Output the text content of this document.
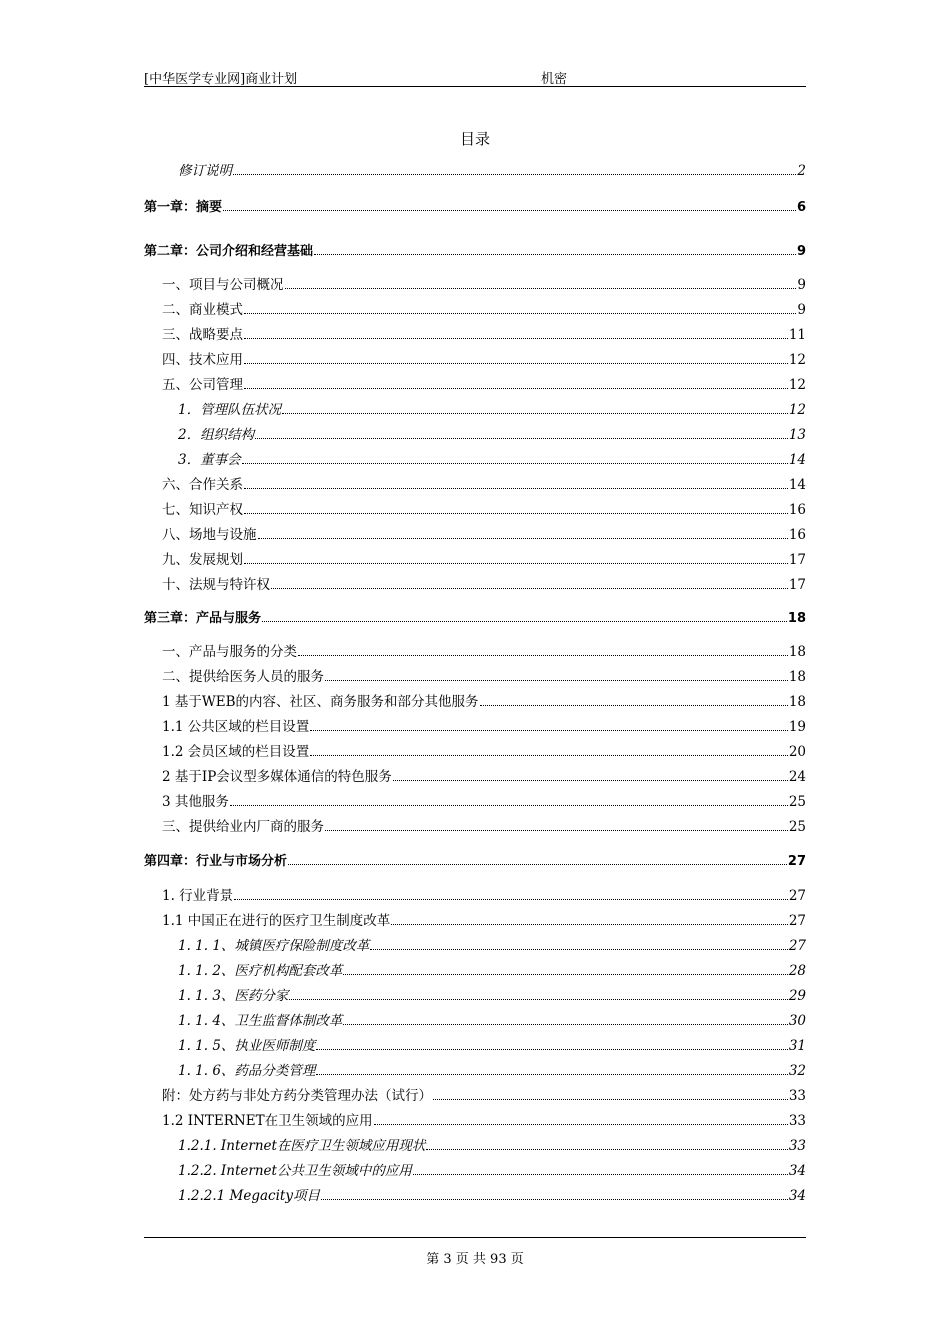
[中华医学专业网]商业计划	机密
目录
修订说明	2
第一章：摘要	6
第二章：公司介绍和经营基础	9
一、项目与公司概况	9
二、商业模式	9
三、战略要点	11
四、技术应用	12
五、公司管理	12
1．管理队伍状况	12
2．组织结构	13
3．董事会	14
六、合作关系	14
七、知识产权	16
八、场地与设施	16
九、发展规划	17
十、法规与特许权	17
第三章：产品与服务	18
一、产品与服务的分类	18
二、提供给医务人员的服务	18
1 基于WEB的内容、社区、商务服务和部分其他服务	18
1.1 公共区域的栏目设置	19
1.2 会员区域的栏目设置	20
2 基于IP会议型多媒体通信的特色服务	24
3 其他服务	25
三、提供给业内厂商的服务	25
第四章：行业与市场分析	27
1. 行业背景	27
1.1 中国正在进行的医疗卫生制度改革	27
1. 1. 1、城镇医疗保险制度改革	27
1. 1. 2、医疗机构配套改革	28
1. 1. 3、医药分家	29
1. 1. 4、卫生监督体制改革	30
1. 1. 5、执业医师制度	31
1. 1. 6、药品分类管理	32
附：处方药与非处方药分类管理办法（试行）	33
1.2 INTERNET在卫生领域的应用	33
1.2.1. Internet在医疗卫生领域应用现状	33
1.2.2. Internet公共卫生领域中的应用	34
1.2.2.1 Megacity项目	34
第 3 页 共 93 页
